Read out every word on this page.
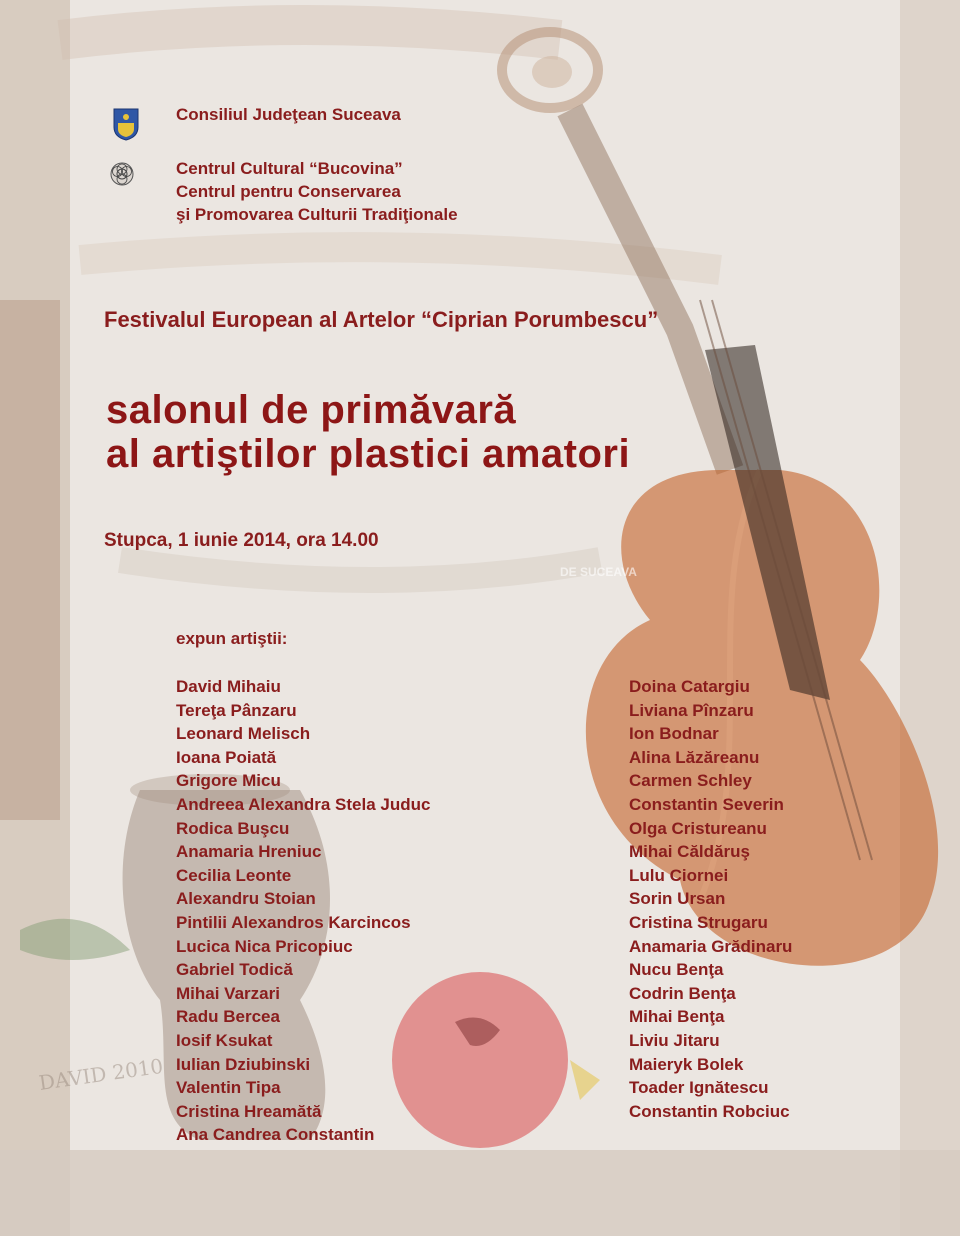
DAVID 2010
Consiliul Judeţean Suceava
Centrul Cultural “Bucovina”
Centrul pentru Conservarea
şi Promovarea Culturii Tradiţionale
Festivalul European al Artelor “Ciprian Porumbescu”
salonul de primăvară
al artiştilor plastici amatori
Stupca, 1 iunie 2014, ora 14.00
DE SUCEAVA
expun artiştii:
David Mihaiu
Tereţa Pânzaru
Leonard Melisch
Ioana Poiată
Grigore Micu
Andreea Alexandra Stela Juduc
Rodica Buşcu
Anamaria Hreniuc
Cecilia Leonte
Alexandru Stoian
Pintilii Alexandros Karcincos
Lucica Nica Pricopiuc
Gabriel Todică
Mihai Varzari
Radu Bercea
Iosif Ksukat
Iulian Dziubinski
Valentin Tipa
Cristina Hreamătă
Ana Candrea Constantin
Doina Catargiu
Liviana Pînzaru
Ion Bodnar
Alina Lăzăreanu
Carmen Schley
Constantin Severin
Olga Cristureanu
Mihai Căldăruş
Lulu Ciornei
Sorin Ursan
Cristina Strugaru
Anamaria Grădinaru
Nucu Benţa
Codrin Benţa
Mihai Benţa
Liviu Jitaru
Maieryk Bolek
Toader Ignătescu
Constantin Robciuc
